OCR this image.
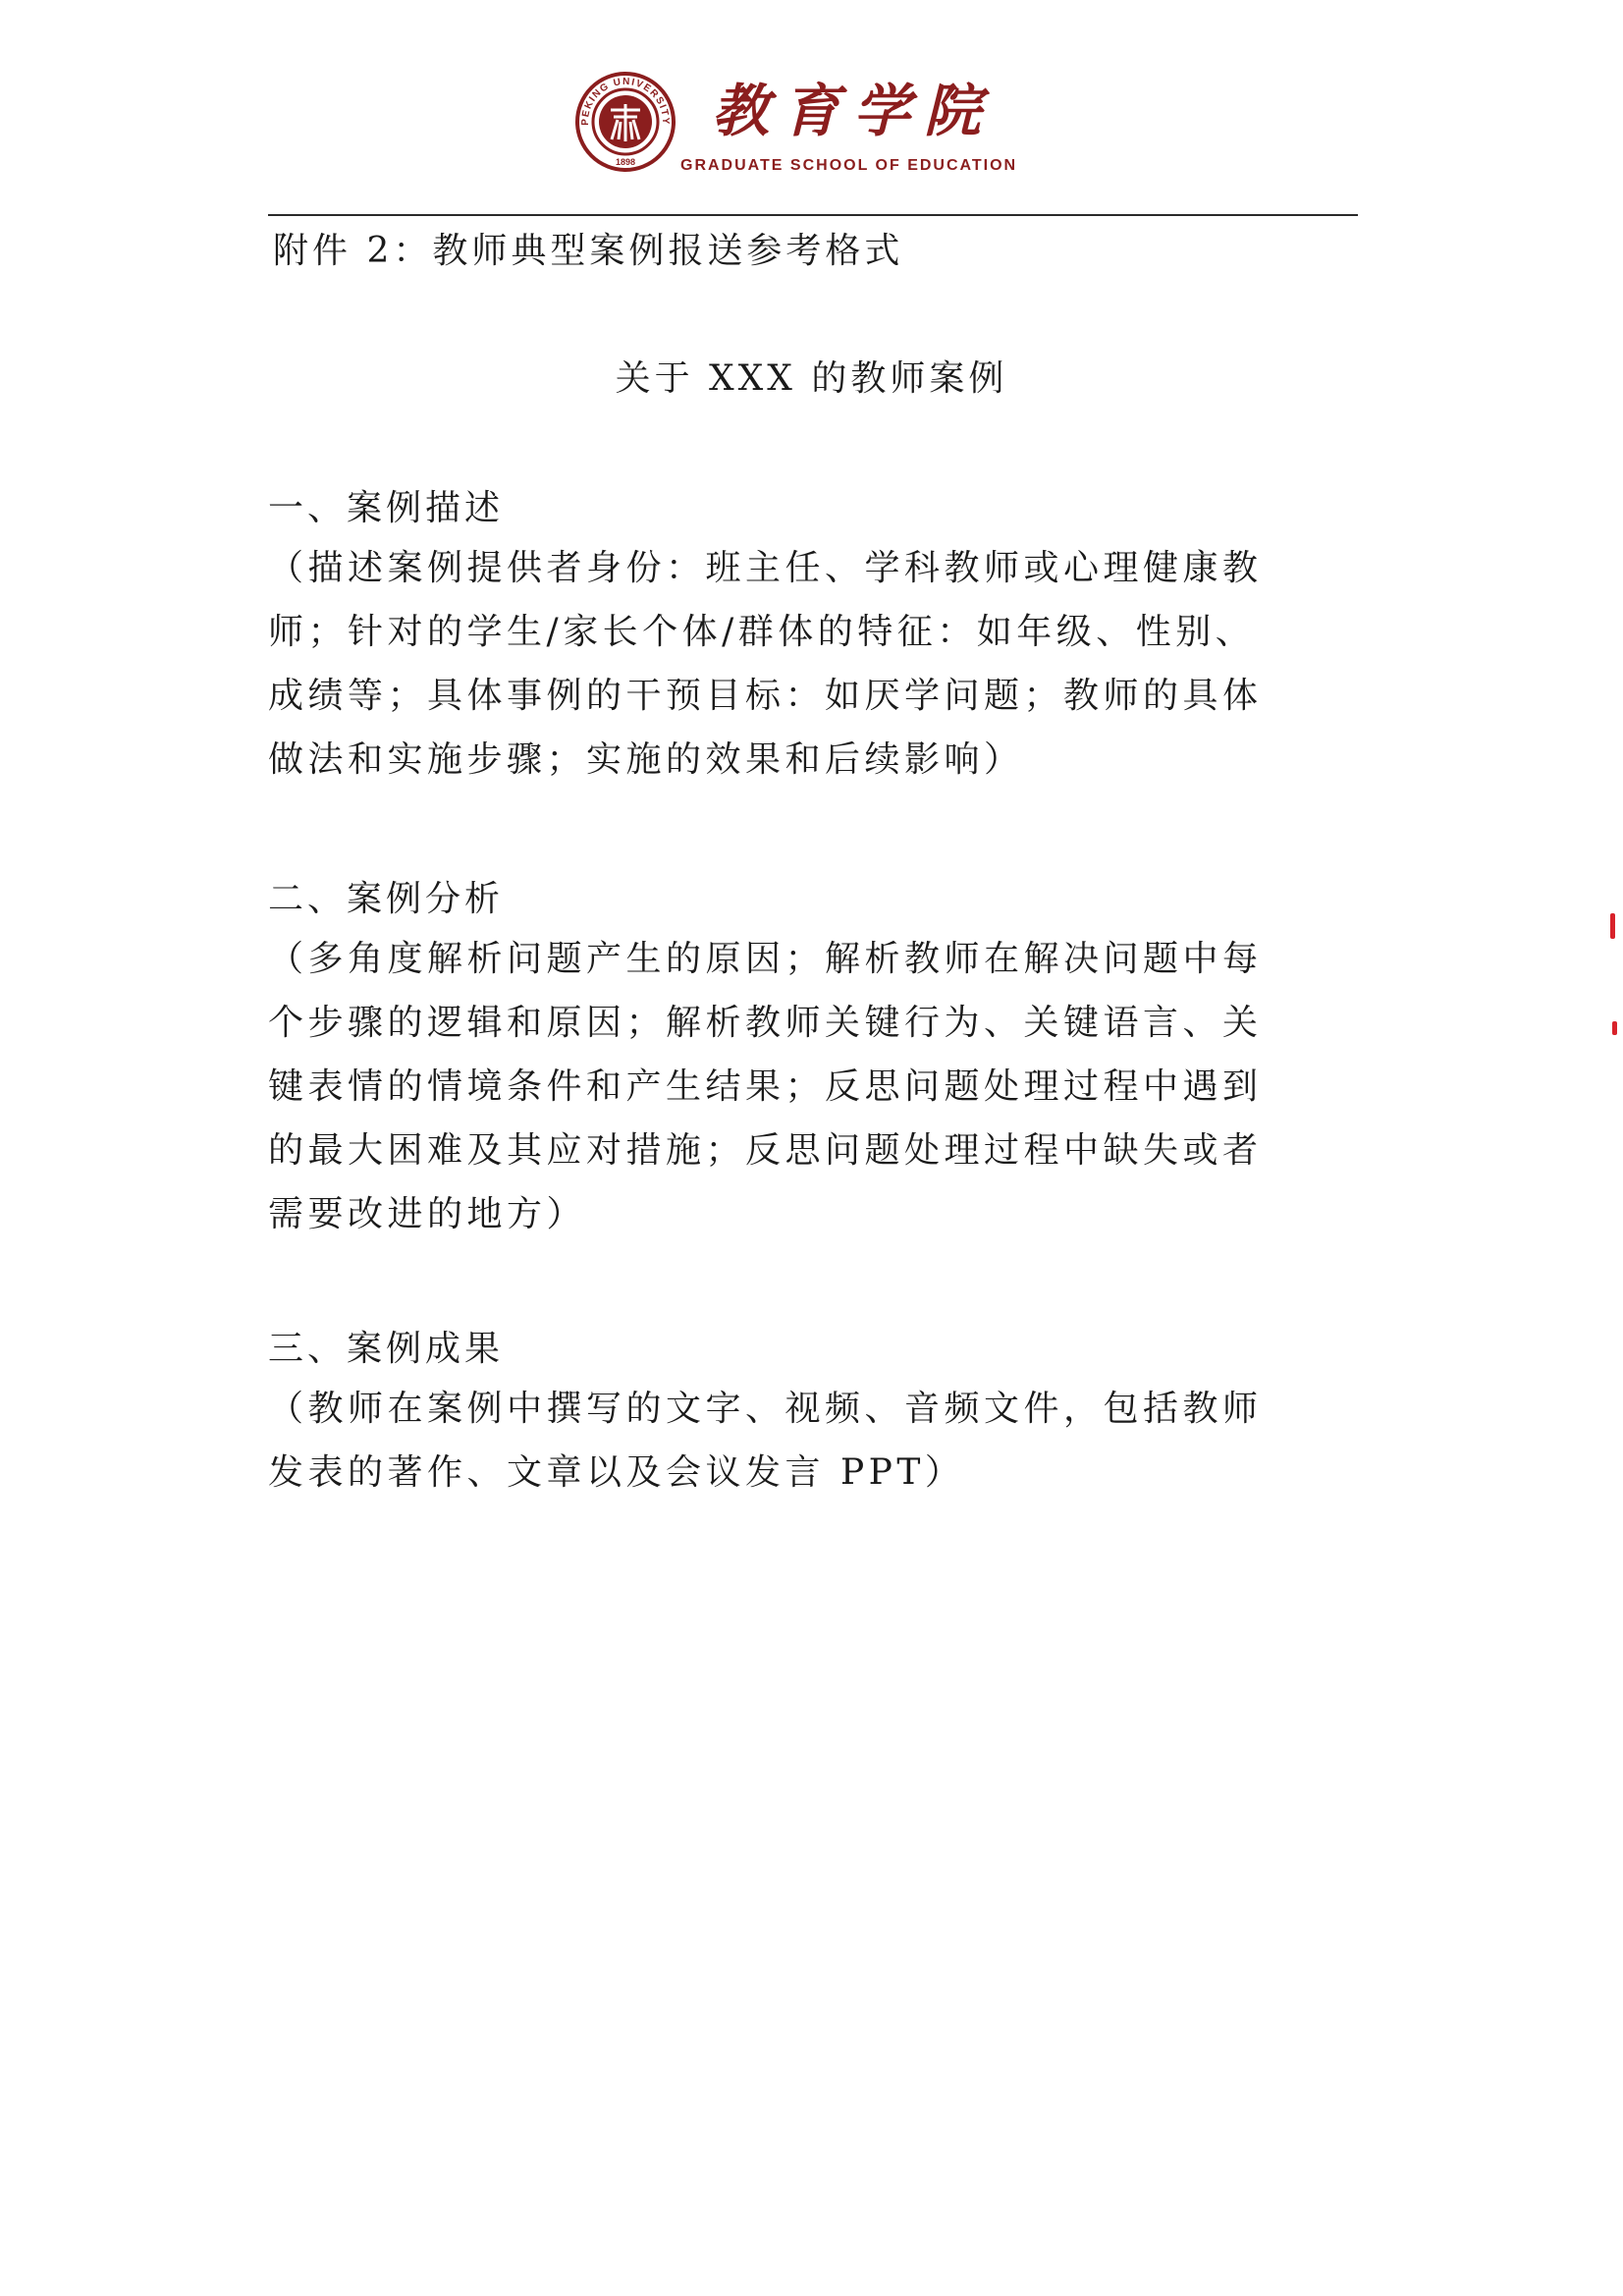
PEKING UNIVERSITY
1898
教育学院
GRADUATE SCHOOL OF EDUCATION
附件 2：教师典型案例报送参考格式
关于 XXX 的教师案例
一、案例描述

（描述案例提供者身份：班主任、学科教师或心理健康教
师；针对的学生/家长个体/群体的特征：如年级、性别、
成绩等；具体事例的干预目标：如厌学问题；教师的具体
做法和实施步骤；实施的效果和后续影响）

二、案例分析

（多角度解析问题产生的原因；解析教师在解决问题中每
个步骤的逻辑和原因；解析教师关键行为、关键语言、关
键表情的情境条件和产生结果；反思问题处理过程中遇到
的最大困难及其应对措施；反思问题处理过程中缺失或者
需要改进的地方）

三、案例成果

（教师在案例中撰写的文字、视频、音频文件，包括教师
发表的著作、文章以及会议发言 PPT）
